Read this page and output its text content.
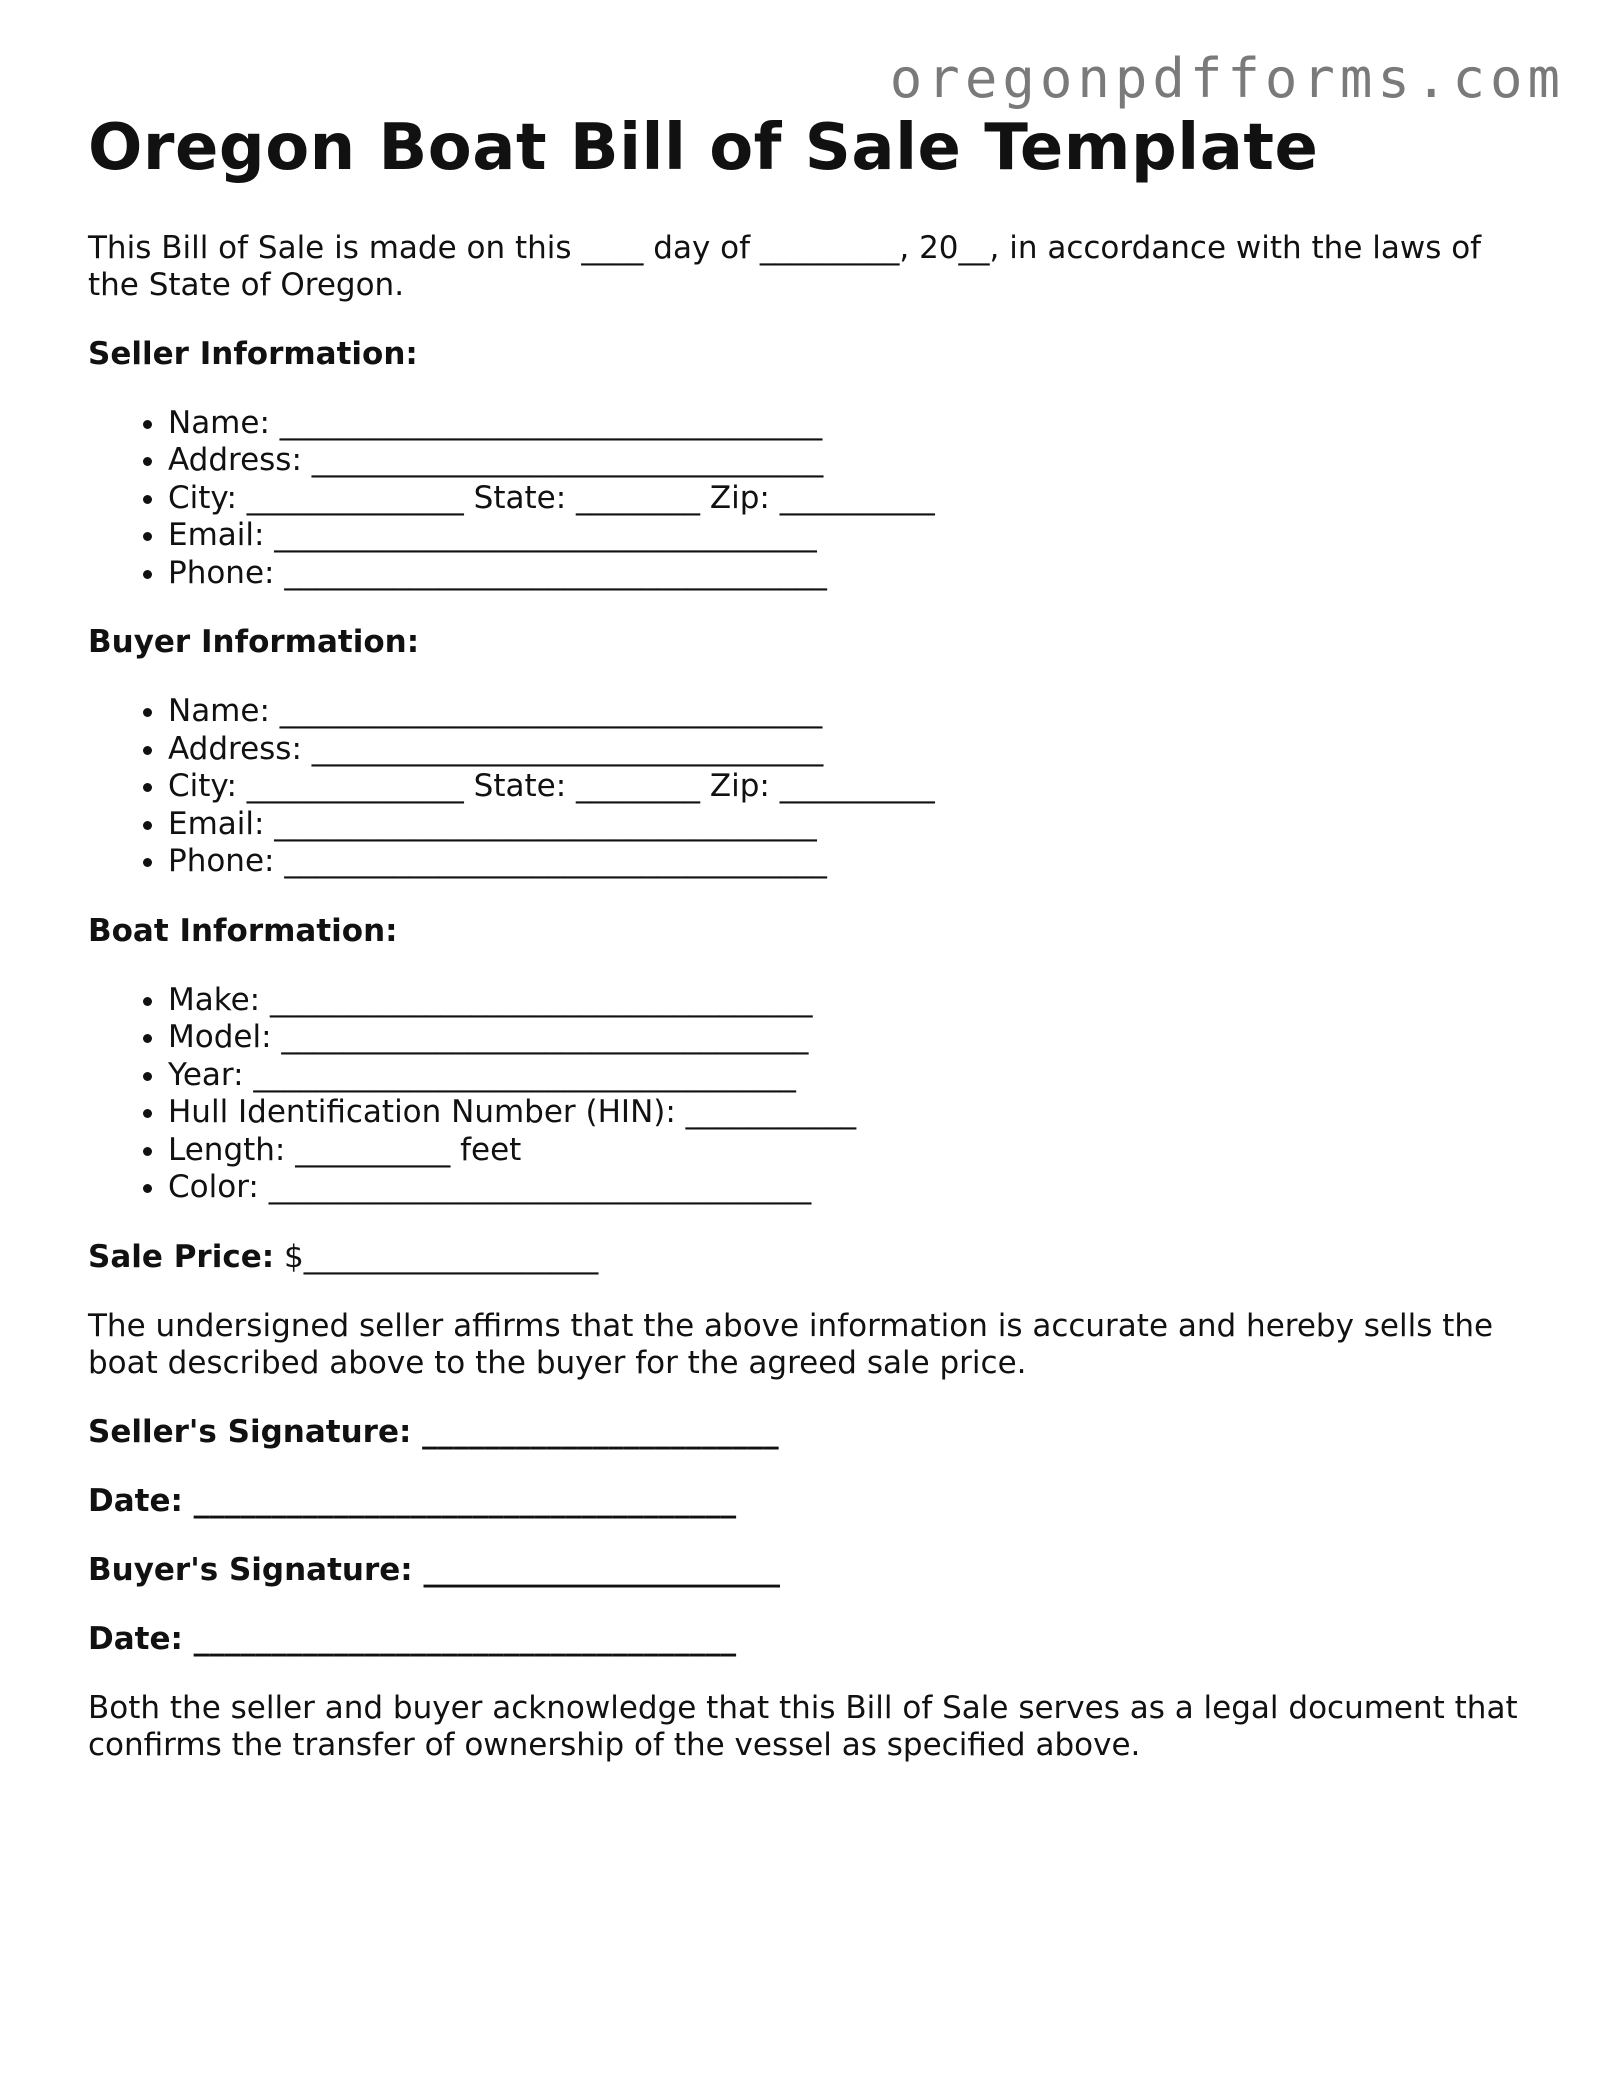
oregonpdfforms.com
Oregon Boat Bill of Sale Template

This Bill of Sale is made on this ____ day of _________, 20__, in accordance with the laws of the State of Oregon.

Seller Information:

• Name: ___________________________________
• Address: _________________________________
• City: ______________ State: ________ Zip: __________
• Email: ___________________________________
• Phone: ___________________________________

Buyer Information:

• Name: ___________________________________
• Address: _________________________________
• City: ______________ State: ________ Zip: __________
• Email: ___________________________________
• Phone: ___________________________________

Boat Information:

• Make: ___________________________________
• Model: __________________________________
• Year: ___________________________________
• Hull Identification Number (HIN): ___________
• Length: __________ feet
• Color: ___________________________________

Sale Price: $___________________

The undersigned seller affirms that the above information is accurate and hereby sells the boat described above to the buyer for the agreed sale price.

Seller's Signature: _______________________

Date: ___________________________________

Buyer's Signature: _______________________

Date: ___________________________________

Both the seller and buyer acknowledge that this Bill of Sale serves as a legal document that confirms the transfer of ownership of the vessel as specified above.
